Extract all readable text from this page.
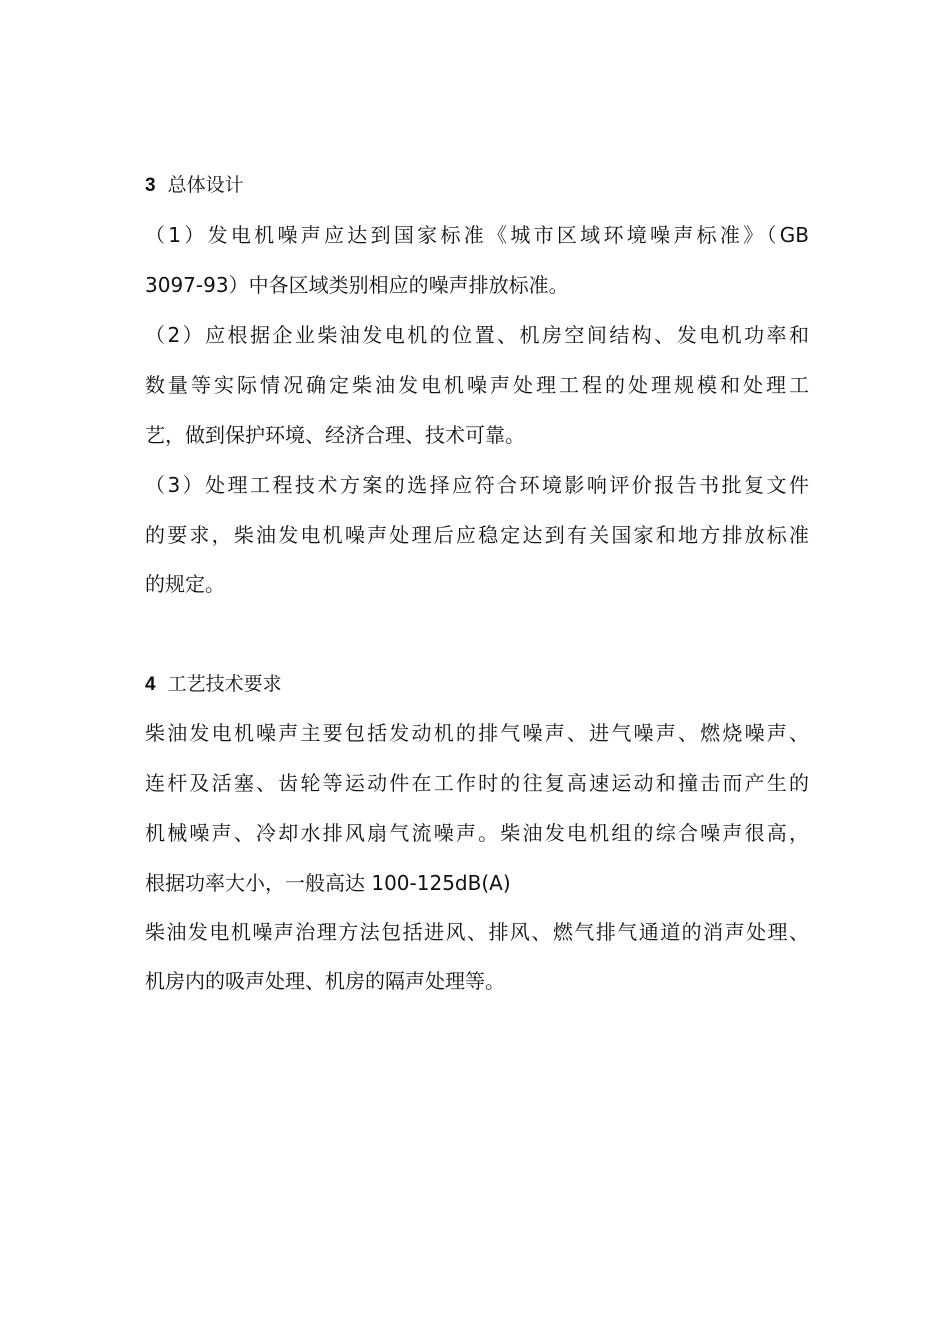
3 总体设计
（1）发电机噪声应达到国家标准《城市区域环境噪声标准》（GB
3097-93）中各区域类别相应的噪声排放标准。
（2）应根据企业柴油发电机的位置、机房空间结构、发电机功率和
数量等实际情况确定柴油发电机噪声处理工程的处理规模和处理工
艺，做到保护环境、经济合理、技术可靠。
（3）处理工程技术方案的选择应符合环境影响评价报告书批复文件
的要求，柴油发电机噪声处理后应稳定达到有关国家和地方排放标准
的规定。
4 工艺技术要求
柴油发电机噪声主要包括发动机的排气噪声、进气噪声、燃烧噪声、
连杆及活塞、齿轮等运动件在工作时的往复高速运动和撞击而产生的
机械噪声、冷却水排风扇气流噪声。柴油发电机组的综合噪声很高，
根据功率大小，一般高达 100-125dB(A)
柴油发电机噪声治理方法包括进风、排风、燃气排气通道的消声处理、
机房内的吸声处理、机房的隔声处理等。
